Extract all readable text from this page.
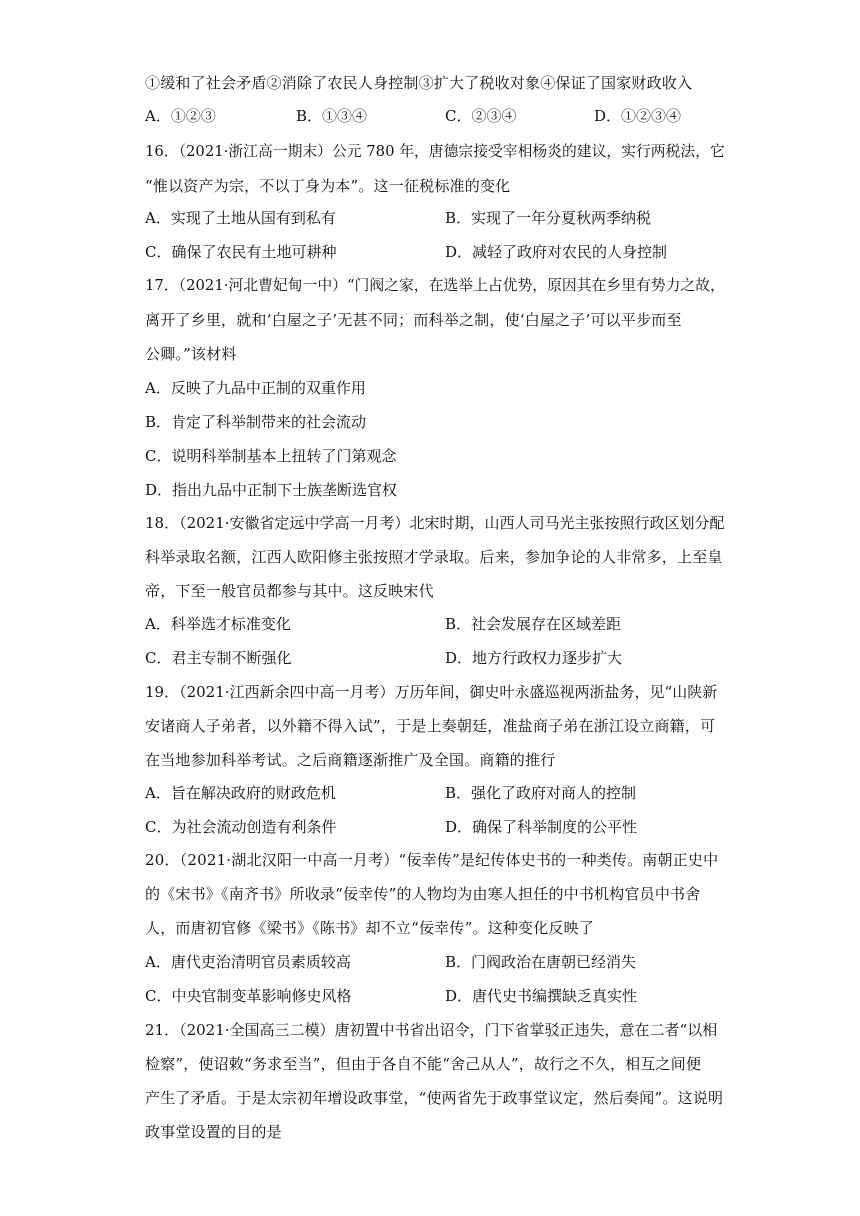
①缓和了社会矛盾②消除了农民人身控制③扩大了税收对象④保证了国家财政收入
A．①②③	B．①③④	C．②③④	D．①②③④
16．（2021·浙江高一期末）公元 780 年，唐德宗接受宰相杨炎的建议，实行两税法，它
“惟以资产为宗，不以丁身为本”。这一征税标准的变化
A．实现了土地从国有到私有	B．实现了一年分夏秋两季纳税
C．确保了农民有土地可耕种	D．减轻了政府对农民的人身控制
17．（2021·河北曹妃甸一中）“门阀之家，在选举上占优势，原因其在乡里有势力之故，
离开了乡里，就和‘白屋之子’无甚不同；而科举之制，使‘白屋之子’可以平步而至
公卿。”该材料
A．反映了九品中正制的双重作用
B．肯定了科举制带来的社会流动
C．说明科举制基本上扭转了门第观念
D．指出九品中正制下士族垄断选官权
18．（2021·安徽省定远中学高一月考）北宋时期，山西人司马光主张按照行政区划分配
科举录取名额，江西人欧阳修主张按照才学录取。后来，参加争论的人非常多，上至皇
帝，下至一般官员都参与其中。这反映宋代
A．科举选才标准变化	B．社会发展存在区域差距
C．君主专制不断强化	D．地方行政权力逐步扩大
19．（2021·江西新余四中高一月考）万历年间，御史叶永盛巡视两浙盐务，见“山陕新
安诸商人子弟者，以外籍不得入试”，于是上奏朝廷，准盐商子弟在浙江设立商籍，可
在当地参加科举考试。之后商籍逐渐推广及全国。商籍的推行
A．旨在解决政府的财政危机	B．强化了政府对商人的控制
C．为社会流动创造有利条件	D．确保了科举制度的公平性
20．（2021·湖北汉阳一中高一月考）“佞幸传”是纪传体史书的一种类传。南朝正史中
的《宋书》《南齐书》所收录“佞幸传”的人物均为由寒人担任的中书机构官员中书舍
人，而唐初官修《梁书》《陈书》却不立“佞幸传”。这种变化反映了
A．唐代吏治清明官员素质较高	B．门阀政治在唐朝已经消失
C．中央官制变革影响修史风格	D．唐代史书编撰缺乏真实性
21．（2021·全国高三二模）唐初置中书省出诏令，门下省掌驳正违失，意在二者“以相
检察”，使诏敕“务求至当”，但由于各自不能“舍己从人”，故行之不久，相互之间便
产生了矛盾。于是太宗初年增设政事堂，“使两省先于政事堂议定，然后奏闻”。这说明
政事堂设置的目的是
